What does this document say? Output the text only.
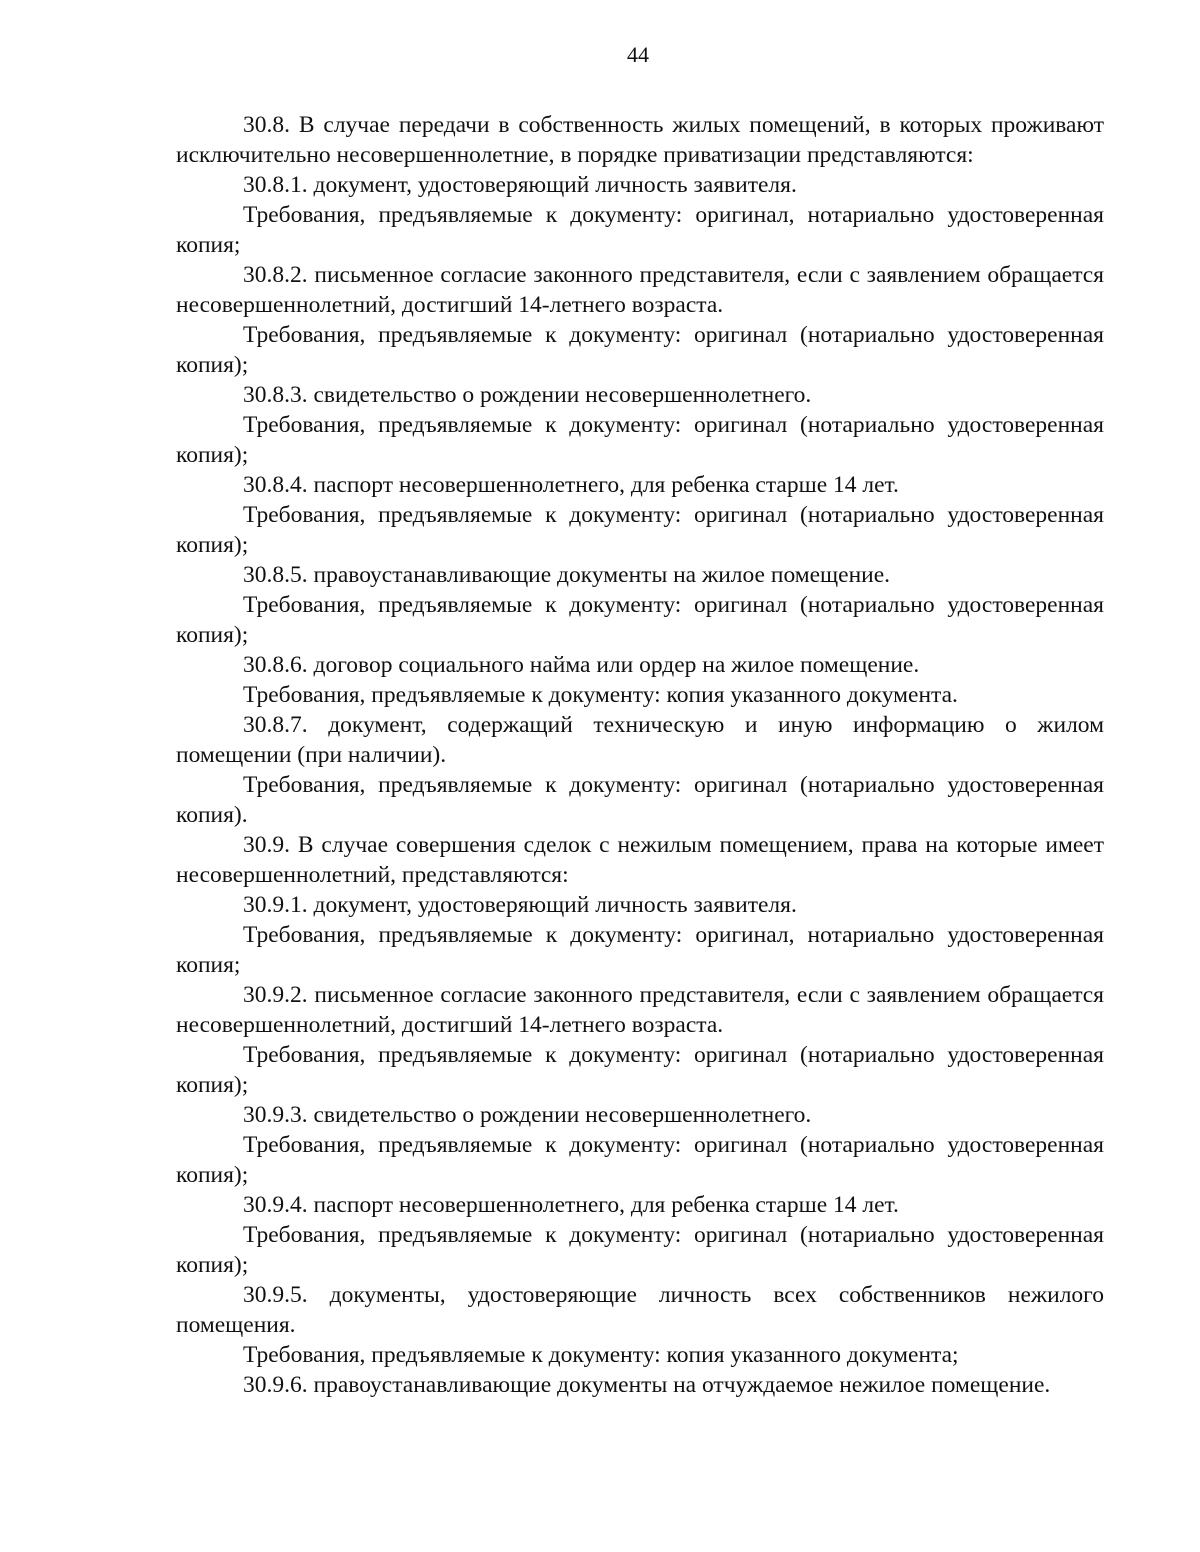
44

30.8. В случае передачи в собственность жилых помещений, в которых проживают исключительно несовершеннолетние, в порядке приватизации представляются:

30.8.1. документ, удостоверяющий личность заявителя.

Требования, предъявляемые к документу: оригинал, нотариально удостоверенная копия;

30.8.2. письменное согласие законного представителя, если с заявлением обращается несовершеннолетний, достигший 14-летнего возраста.

Требования, предъявляемые к документу: оригинал (нотариально удостоверенная копия);

30.8.3. свидетельство о рождении несовершеннолетнего.

Требования, предъявляемые к документу: оригинал (нотариально удостоверенная копия);

30.8.4. паспорт несовершеннолетнего, для ребенка старше 14 лет.

Требования, предъявляемые к документу: оригинал (нотариально удостоверенная копия);

30.8.5. правоустанавливающие документы на жилое помещение.

Требования, предъявляемые к документу: оригинал (нотариально удостоверенная копия);

30.8.6. договор социального найма или ордер на жилое помещение.

Требования, предъявляемые к документу: копия указанного документа.

30.8.7. документ, содержащий техническую и иную информацию о жилом помещении (при наличии).

Требования, предъявляемые к документу: оригинал (нотариально удостоверенная копия).

30.9. В случае совершения сделок с нежилым помещением, права на которые имеет несовершеннолетний, представляются:

30.9.1. документ, удостоверяющий личность заявителя.

Требования, предъявляемые к документу: оригинал, нотариально удостоверенная копия;

30.9.2. письменное согласие законного представителя, если с заявлением обращается несовершеннолетний, достигший 14-летнего возраста.

Требования, предъявляемые к документу: оригинал (нотариально удостоверенная копия);

30.9.3. свидетельство о рождении несовершеннолетнего.

Требования, предъявляемые к документу: оригинал (нотариально удостоверенная копия);

30.9.4. паспорт несовершеннолетнего, для ребенка старше 14 лет.

Требования, предъявляемые к документу: оригинал (нотариально удостоверенная копия);

30.9.5. документы, удостоверяющие личность всех собственников нежилого помещения.

Требования, предъявляемые к документу: копия указанного документа;

30.9.6. правоустанавливающие документы на отчуждаемое нежилое помещение.
